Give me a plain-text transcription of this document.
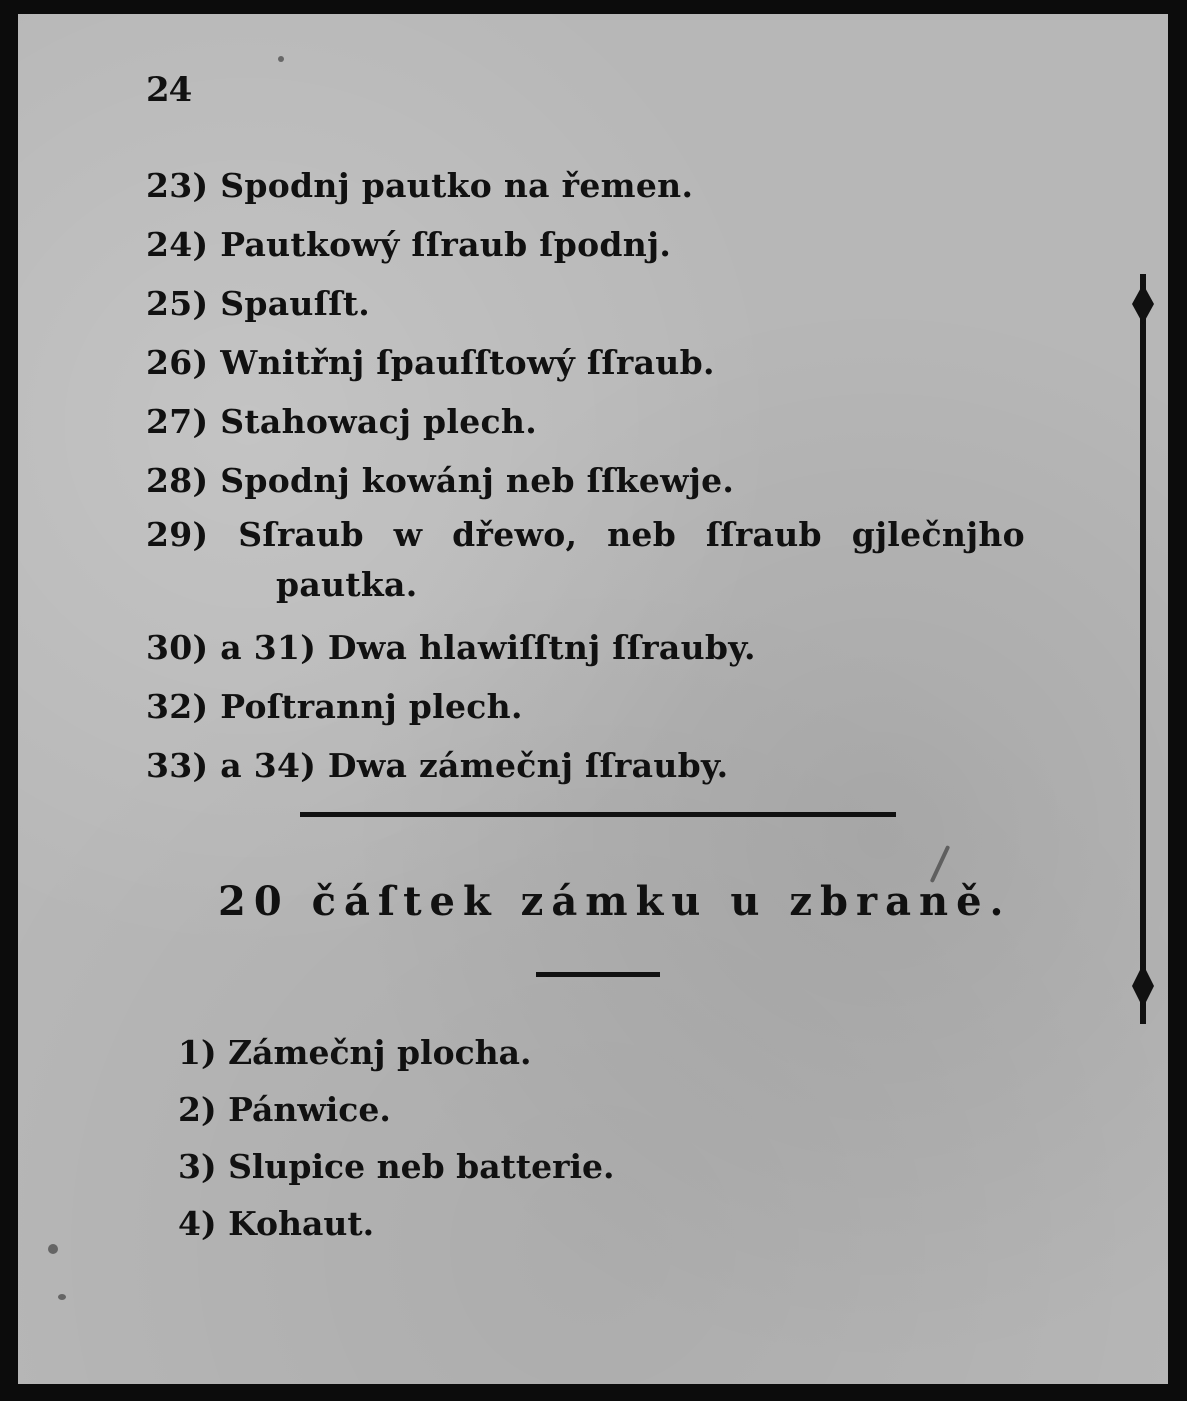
24
23) Spodnj pautko na řemen.
24) Pautkowý ſſraub ſpodnj.
25) Spauſſt.
26) Wnitřnj ſpauſſtowý ſſraub.
27) Stahowacj plech.
28) Spodnj kowánj neb ſſkewje.
29) Sſraub w dřewo, neb ſſraub gjlečnjho
pautka.
30) a 31) Dwa hlawiſſtnj ſſrauby.
32) Poſtrannj plech.
33) a 34) Dwa zámečnj ſſrauby.
20 čáſtek zámku u zbraně.
1) Zámečnj plocha.
2) Pánwice.
3) Slupice neb batterie.
4) Kohaut.
